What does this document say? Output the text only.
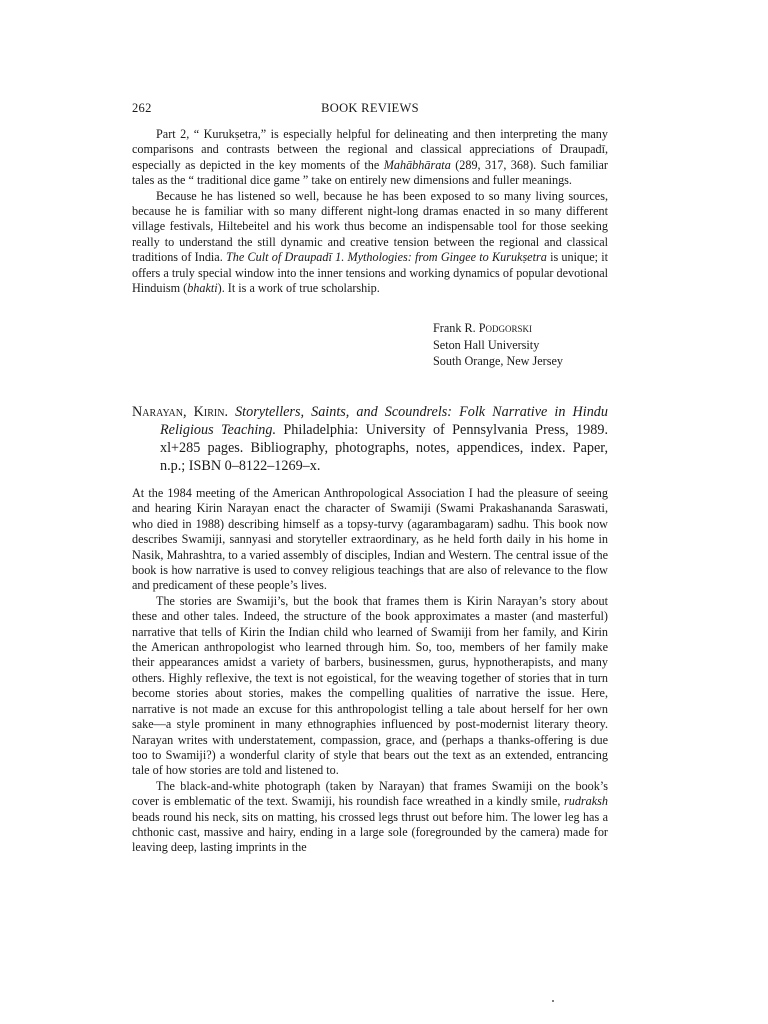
262	BOOK REVIEWS

Part 2, “ Kurukṣetra,” is especially helpful for delineating and then interpreting the many comparisons and contrasts between the regional and classical appreciations of Draupadī, especially as depicted in the key moments of the Mahābhārata (289, 317, 368). Such familiar tales as the “ traditional dice game ” take on entirely new dimensions and fuller meanings.

Because he has listened so well, because he has been exposed to so many living sources, because he is familiar with so many different night-long dramas enacted in so many different village festivals, Hiltebeitel and his work thus become an indispensable tool for those seeking really to understand the still dynamic and creative tension between the regional and classical traditions of India. The Cult of Draupadī 1. Mythologies: from Gingee to Kurukṣetra is unique; it offers a truly special window into the inner tensions and working dynamics of popular devotional Hinduism (bhakti). It is a work of true scholarship.

Frank R. Podgorski
Seton Hall University
South Orange, New Jersey
Narayan, Kirin. Storytellers, Saints, and Scoundrels: Folk Narrative in Hindu Religious Teaching. Philadelphia: University of Pennsylvania Press, 1989. xl+285 pages. Bibliography, photographs, notes, appendices, index. Paper, n.p.; ISBN 0–8122–1269–x.

At the 1984 meeting of the American Anthropological Association I had the pleasure of seeing and hearing Kirin Narayan enact the character of Swamiji (Swami Prakashananda Saraswati, who died in 1988) describing himself as a topsy-turvy (agarambagaram) sadhu. This book now describes Swamiji, sannyasi and storyteller extraordinary, as he held forth daily in his home in Nasik, Mahrashtra, to a varied assembly of disciples, Indian and Western. The central issue of the book is how narrative is used to convey religious teachings that are also of relevance to the flow and predicament of these people’s lives.

The stories are Swamiji’s, but the book that frames them is Kirin Narayan’s story about these and other tales. Indeed, the structure of the book approximates a master (and masterful) narrative that tells of Kirin the Indian child who learned of Swamiji from her family, and Kirin the American anthropologist who learned through him. So, too, members of her family make their appearances amidst a variety of barbers, businessmen, gurus, hypnotherapists, and many others. Highly reflexive, the text is not egoistical, for the weaving together of stories that in turn become stories about stories, makes the compelling qualities of narrative the issue. Here, narrative is not made an excuse for this anthropologist telling a tale about herself for her own sake—a style prominent in many ethnographies influenced by post-modernist literary theory. Narayan writes with understatement, compassion, grace, and (perhaps a thanks-offering is due too to Swamiji?) a wonderful clarity of style that bears out the text as an extended, entrancing tale of how stories are told and listened to.

The black-and-white photograph (taken by Narayan) that frames Swamiji on the book’s cover is emblematic of the text. Swamiji, his roundish face wreathed in a kindly smile, rudraksh beads round his neck, sits on matting, his crossed legs thrust out before him. The lower leg has a chthonic cast, massive and hairy, ending in a large sole (foregrounded by the camera) made for leaving deep, lasting imprints in the
